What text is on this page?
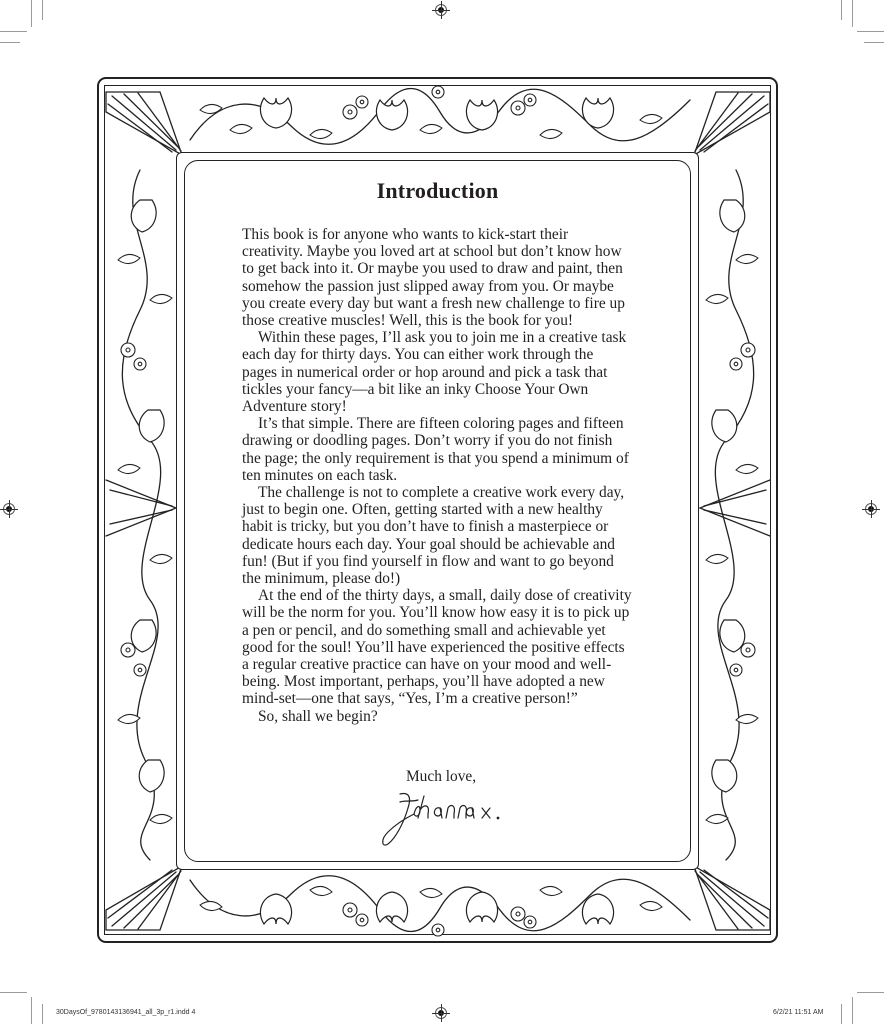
Introduction

This book is for anyone who wants to kick-start their creativity. Maybe you loved art at school but don’t know how to get back into it. Or maybe you used to draw and paint, then somehow the passion just slipped away from you. Or maybe you create every day but want a fresh new challenge to fire up those creative muscles! Well, this is the book for you!

Within these pages, I’ll ask you to join me in a creative task each day for thirty days. You can either work through the pages in numerical order or hop around and pick a task that tickles your fancy—a bit like an inky Choose Your Own Adventure story!

It’s that simple. There are fifteen coloring pages and fifteen drawing or doodling pages. Don’t worry if you do not finish the page; the only requirement is that you spend a minimum of ten minutes on each task.

The challenge is not to complete a creative work every day, just to begin one. Often, getting started with a new healthy habit is tricky, but you don’t have to finish a masterpiece or dedicate hours each day. Your goal should be achievable and fun! (But if you find yourself in flow and want to go beyond the minimum, please do!)

At the end of the thirty days, a small, daily dose of creativity will be the norm for you. You’ll know how easy it is to pick up a pen or pencil, and do something small and achievable yet good for the soul! You’ll have experienced the positive effects a regular creative practice can have on your mood and well-being. Most important, perhaps, you’ll have adopted a new mind-set—one that says, “Yes, I’m a creative person!”

So, shall we begin?

Much love,
30DaysOf_9780143136941_all_3p_r1.indd 4	6/2/21 11:51 AM
